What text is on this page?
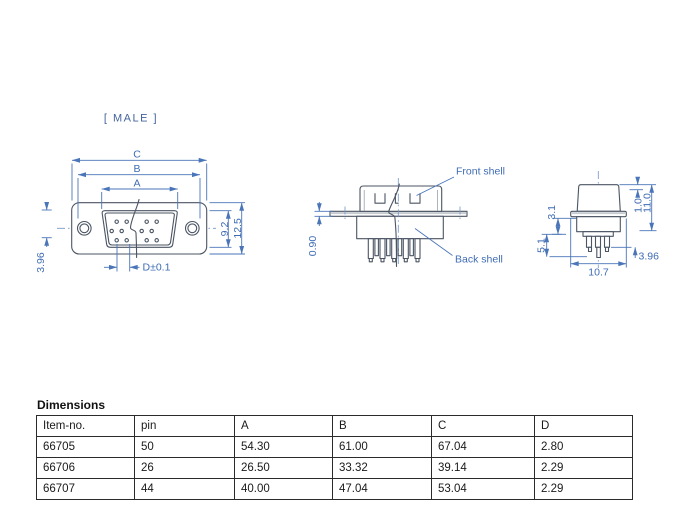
[ MALE ]
C
B
A
9.2 12.5
3.96	D±0.1
0.90
Front shell
Back shell
3.1
5.1
1.0
11.0
3.96
10.7
Dimensions
Item-no.	pin	A	B	C	D
66705	50	54.30	61.00	67.04	2.80
66706	26	26.50	33.32	39.14	2.29
66707	44	40.00	47.04	53.04	2.29
